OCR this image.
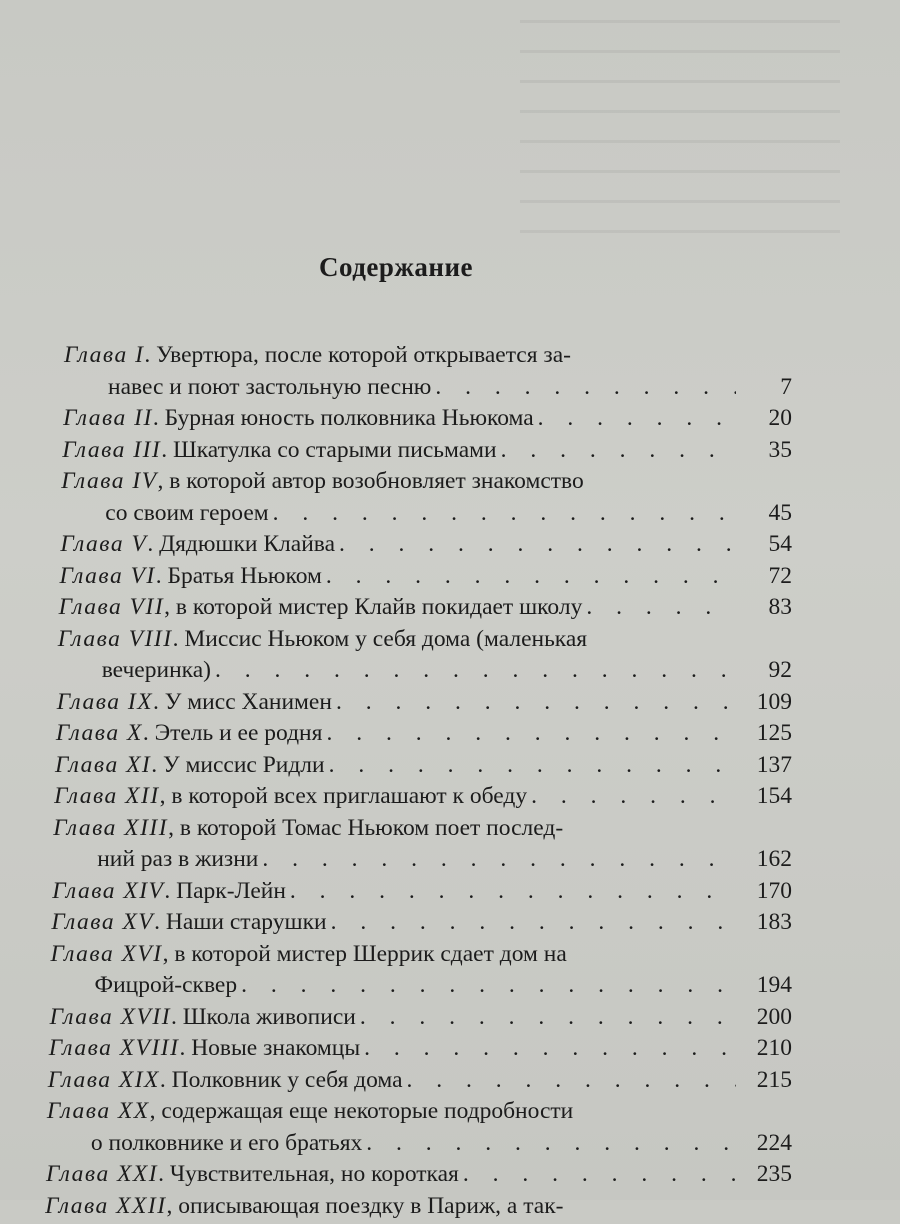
Содержание
Глава I . Увертюра, после которой открывается за-
навес и поют застольную песню . . .	7
Глава II . Бурная юность полковника Ньюкома . . .	20
Глава III . Шкатулка со старыми письмами . . .	35
Глава IV , в которой автор возобновляет знакомство
со своим героем . . .	45
Глава V . Дядюшки Клайва . . .	54
Глава VI . Братья Ньюком . . .	72
Глава VII , в которой мистер Клайв покидает школу . . .	83
Глава VIII . Миссис Ньюком у себя дома (маленькая
вечеринка) . . .	92
Глава IX . У мисс Ханимен . . .	109
Глава X . Этель и ее родня . . .	125
Глава XI . У миссис Ридли . . .	137
Глава XII , в которой всех приглашают к обеду . . .	154
Глава XIII , в которой Томас Ньюком поет послед-
ний раз в жизни . . .	162
Глава XIV . Парк-Лейн . . .	170
Глава XV . Наши старушки . . .	183
Глава XVI , в которой мистер Шеррик сдает дом на
Фицрой-сквер . . .	194
Глава XVII . Школа живописи . . .	200
Глава XVIII . Новые знакомцы . . .	210
Глава XIX . Полковник у себя дома . . .	215
Глава XX , содержащая еще некоторые подробности
о полковнике и его братьях . . .	224
Глава XXI . Чувствительная, но короткая . . .	235
Глава XXII , описывающая поездку в Париж, а так-
